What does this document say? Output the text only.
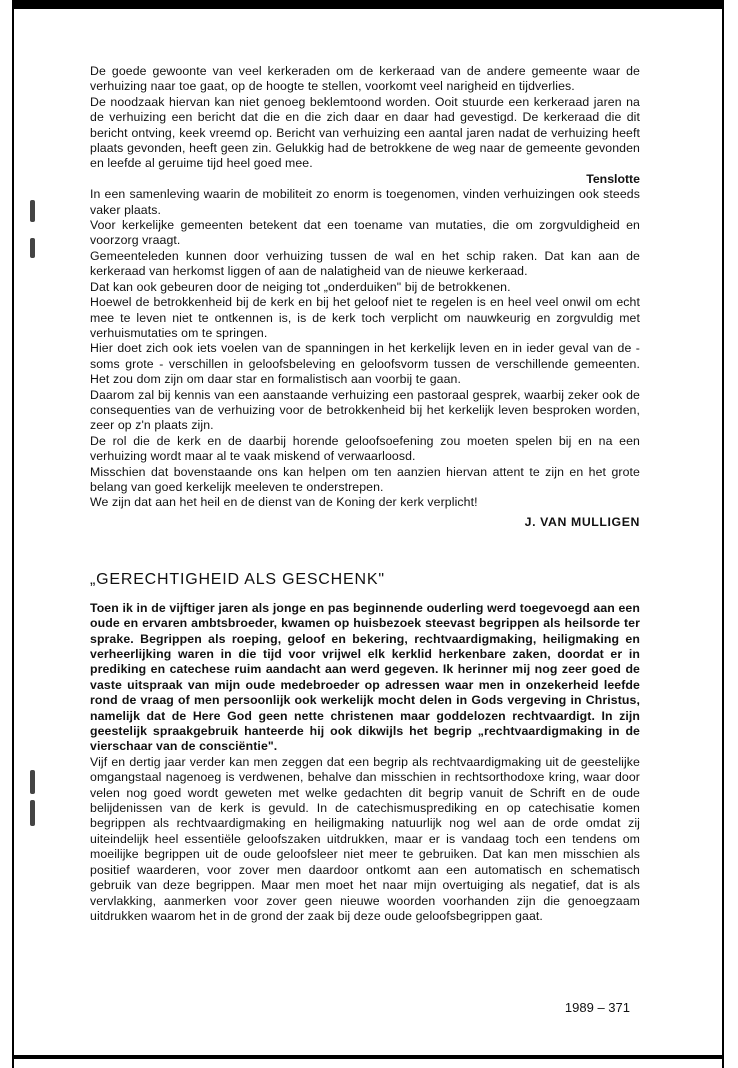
De goede gewoonte van veel kerkeraden om de kerkeraad van de andere gemeente waar de verhuizing naar toe gaat, op de hoogte te stellen, voorkomt veel narigheid en tijdverlies.

De noodzaak hiervan kan niet genoeg beklemtoond worden. Ooit stuurde een kerkeraad jaren na de verhuizing een bericht dat die en die zich daar en daar had gevestigd. De kerkeraad die dit bericht ontving, keek vreemd op. Bericht van verhuizing een aantal jaren nadat de verhuizing heeft plaats gevonden, heeft geen zin. Gelukkig had de betrokkene de weg naar de gemeente gevonden en leefde al geruime tijd heel goed mee.

Tenslotte

In een samenleving waarin de mobiliteit zo enorm is toegenomen, vinden verhuizingen ook steeds vaker plaats.

Voor kerkelijke gemeenten betekent dat een toename van mutaties, die om zorgvuldigheid en voorzorg vraagt.

Gemeenteleden kunnen door verhuizing tussen de wal en het schip raken. Dat kan aan de kerkeraad van herkomst liggen of aan de nalatigheid van de nieuwe kerkeraad.

Dat kan ook gebeuren door de neiging tot „onderduiken" bij de betrokkenen.

Hoewel de betrokkenheid bij de kerk en bij het geloof niet te regelen is en heel veel onwil om echt mee te leven niet te ontkennen is, is de kerk toch verplicht om nauwkeurig en zorgvuldig met verhuismutaties om te springen.

Hier doet zich ook iets voelen van de spanningen in het kerkelijk leven en in ieder geval van de - soms grote - verschillen in geloofsbeleving en geloofsvorm tussen de verschillende gemeenten. Het zou dom zijn om daar star en formalistisch aan voorbij te gaan.

Daarom zal bij kennis van een aanstaande verhuizing een pastoraal gesprek, waarbij zeker ook de consequenties van de verhuizing voor de betrokkenheid bij het kerkelijk leven besproken worden, zeer op z'n plaats zijn.

De rol die de kerk en de daarbij horende geloofsoefening zou moeten spelen bij en na een verhuizing wordt maar al te vaak miskend of verwaarloosd.

Misschien dat bovenstaande ons kan helpen om ten aanzien hiervan attent te zijn en het grote belang van goed kerkelijk meeleven te onderstrepen.

We zijn dat aan het heil en de dienst van de Koning der kerk verplicht!

J. VAN MULLIGEN

„GERECHTIGHEID ALS GESCHENK"

Toen ik in de vijftiger jaren als jonge en pas beginnende ouderling werd toegevoegd aan een oude en ervaren ambtsbroeder, kwamen op huisbezoek steevast begrippen als heilsorde ter sprake. Begrippen als roeping, geloof en bekering, rechtvaardigmaking, heiligmaking en verheerlijking waren in die tijd voor vrijwel elk kerklid herkenbare zaken, doordat er in prediking en catechese ruim aandacht aan werd gegeven. Ik herinner mij nog zeer goed de vaste uitspraak van mijn oude medebroeder op adressen waar men in onzekerheid leefde rond de vraag of men persoonlijk ook werkelijk mocht delen in Gods vergeving in Christus, namelijk dat de Here God geen nette christenen maar goddelozen rechtvaardigt. In zijn geestelijk spraakgebruik hanteerde hij ook dikwijls het begrip „rechtvaardigmaking in de vierschaar van de consciëntie".

Vijf en dertig jaar verder kan men zeggen dat een begrip als rechtvaardigmaking uit de geestelijke omgangstaal nagenoeg is verdwenen, behalve dan misschien in rechtsorthodoxe kring, waar door velen nog goed wordt geweten met welke gedachten dit begrip vanuit de Schrift en de oude belijdenissen van de kerk is gevuld. In de catechismusprediking en op catechisatie komen begrippen als rechtvaardigmaking en heiligmaking natuurlijk nog wel aan de orde omdat zij uiteindelijk heel essentiële geloofszaken uitdrukken, maar er is vandaag toch een tendens om moeilijke begrippen uit de oude geloofsleer niet meer te gebruiken. Dat kan men misschien als positief waarderen, voor zover men daardoor ontkomt aan een automatisch en schematisch gebruik van deze begrippen. Maar men moet het naar mijn overtuiging als negatief, dat is als vervlakking, aanmerken voor zover geen nieuwe woorden voorhanden zijn die genoegzaam uitdrukken waarom het in de grond der zaak bij deze oude geloofsbegrippen gaat.

1989 – 371
